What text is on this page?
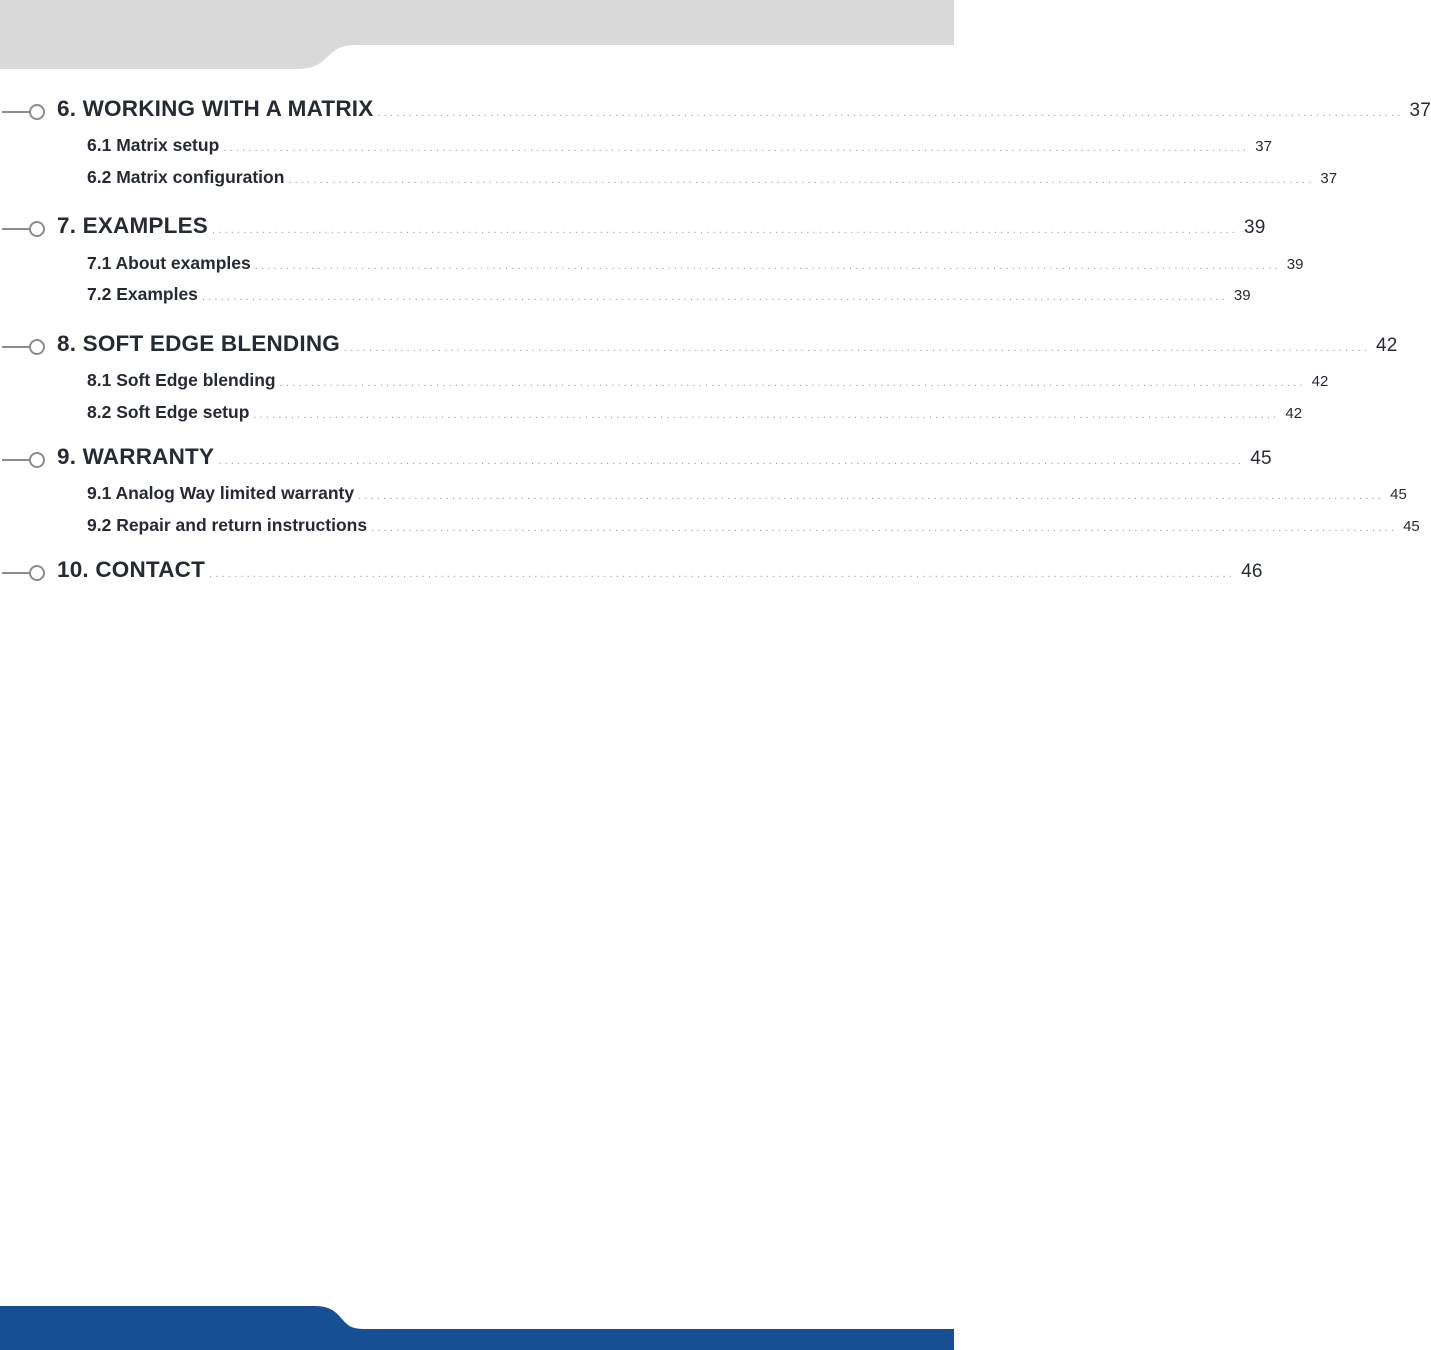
6. WORKING WITH A MATRIX .................................................................................................................................................................... 37
6.1 Matrix setup .................................................................................................................................................................... 37
6.2 Matrix configuration .................................................................................................................................................................... 37
7. EXAMPLES .................................................................................................................................................................... 39
7.1 About examples .................................................................................................................................................................... 39
7.2 Examples .................................................................................................................................................................... 39
8. SOFT EDGE BLENDING .................................................................................................................................................................... 42
8.1 Soft Edge blending .................................................................................................................................................................... 42
8.2 Soft Edge setup .................................................................................................................................................................... 42
9. WARRANTY .................................................................................................................................................................... 45
9.1 Analog Way limited warranty .................................................................................................................................................................... 45
9.2 Repair and return instructions .................................................................................................................................................................... 45
10. CONTACT .................................................................................................................................................................... 46
